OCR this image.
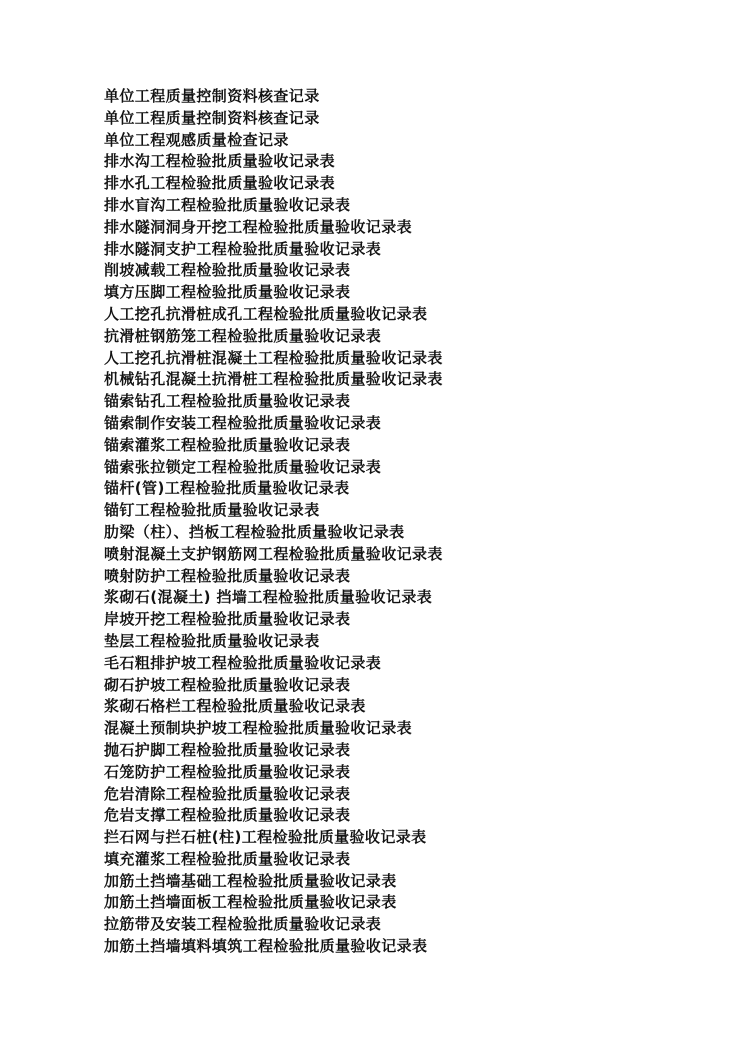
单位工程质量控制资料核查记录
单位工程质量控制资料核查记录
单位工程观感质量检查记录
排水沟工程检验批质量验收记录表
排水孔工程检验批质量验收记录表
排水盲沟工程检验批质量验收记录表
排水隧洞洞身开挖工程检验批质量验收记录表
排水隧洞支护工程检验批质量验收记录表
削坡减载工程检验批质量验收记录表
填方压脚工程检验批质量验收记录表
人工挖孔抗滑桩成孔工程检验批质量验收记录表
抗滑桩钢筋笼工程检验批质量验收记录表
人工挖孔抗滑桩混凝土工程检验批质量验收记录表
机械钻孔混凝土抗滑桩工程检验批质量验收记录表
锚索钻孔工程检验批质量验收记录表
锚索制作安装工程检验批质量验收记录表
锚索灌浆工程检验批质量验收记录表
锚索张拉锁定工程检验批质量验收记录表
锚杆(管)工程检验批质量验收记录表
锚钉工程检验批质量验收记录表
肋梁（柱）、挡板工程检验批质量验收记录表
喷射混凝土支护钢筋网工程检验批质量验收记录表
喷射防护工程检验批质量验收记录表
浆砌石(混凝土) 挡墙工程检验批质量验收记录表
岸坡开挖工程检验批质量验收记录表
垫层工程检验批质量验收记录表
毛石粗排护坡工程检验批质量验收记录表
砌石护坡工程检验批质量验收记录表
浆砌石格栏工程检验批质量验收记录表
混凝土预制块护坡工程检验批质量验收记录表
抛石护脚工程检验批质量验收记录表
石笼防护工程检验批质量验收记录表
危岩清除工程检验批质量验收记录表
危岩支撑工程检验批质量验收记录表
拦石网与拦石桩(柱)工程检验批质量验收记录表
填充灌浆工程检验批质量验收记录表
加筋土挡墙基础工程检验批质量验收记录表
加筋土挡墙面板工程检验批质量验收记录表
拉筋带及安装工程检验批质量验收记录表
加筋土挡墙填料填筑工程检验批质量验收记录表
